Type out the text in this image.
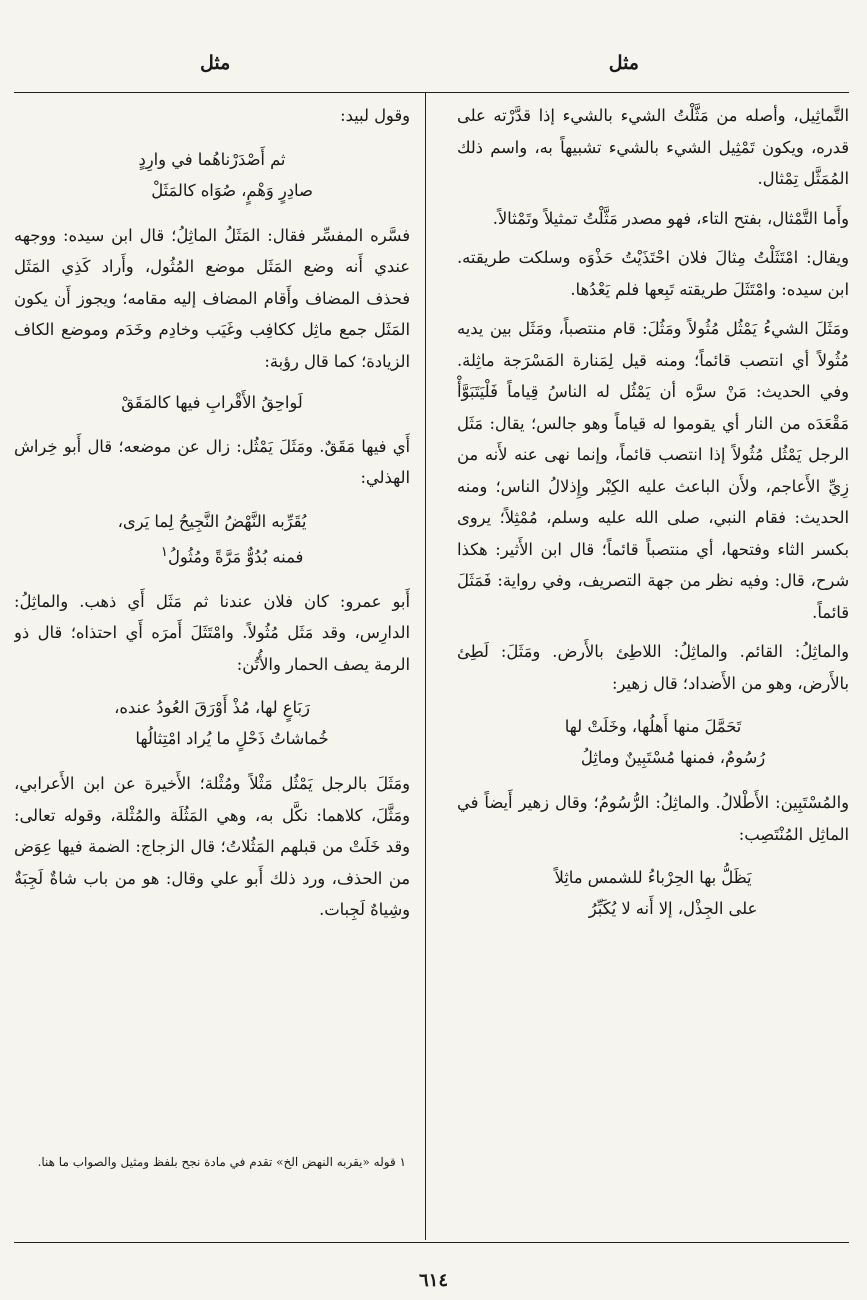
مثل
مثل

التَّماثِيل، وأصله من مَثَّلْتُ الشيء بالشيء إذا قدَّرْته على قدره، ويكون تَمْثِيل الشيء بالشيء تشبيهاً به، واسم ذلك المُمَثَّل تِمْثال.

وأَما التَّمْثال، بفتح التاء، فهو مصدر مَثَّلْتُ تمثيلاً وتَمْثالاً.

ويقال: امْتَثَلْتُ مِثالَ فلان احْتَذَيْتُ حَذْوَه وسلكت طريقته. ابن سيده: وامْتَثَلَ طريقته تَبِعها فلم يَعْدُها.

ومَثَلَ الشيءُ يَمْثُل مُثُولاً ومَثُلَ: قام منتصباً، ومَثَل بين يديه مُثُولاً أي انتصب قائماً؛ ومنه قيل لِمَنارة المَسْرَجة ماثِلة. وفي الحديث: مَنْ سرَّه أن يَمْثُل له الناسُ قِياماً فَلْيَتَبَوَّأْ مَقْعَدَه من النار أي يقوموا له قياماً وهو جالس؛ يقال: مَثَل الرجل يَمْثُل مُثُولاً إذا انتصب قائماً، وإنما نهى عنه لأَنه من زِيِّ الأَعاجم، ولأَن الباعث عليه الكِبْر وإِذلالُ الناس؛ ومنه الحديث: فقام النبي، صلى الله عليه وسلم، مُمْثِلاً؛ يروى بكسر الثاء وفتحها، أي منتصباً قائماً؛ قال ابن الأَثير: هكذا شرح، قال: وفيه نظر من جهة التصريف، وفي رواية: فَمَثَلَ قائماً.

والماثِلُ: القائم. والماثِلُ: اللاطِئ بالأَرض. ومَثَلَ: لَطِئ بالأَرض، وهو من الأَضداد؛ قال زهير:

تَحَمَّلَ منها أَهلُها، وخَلَتْ لها
رُسُومٌ، فمنها مُسْتَبِينٌ وماثِلُ

والمُسْتَبِين: الأَطْلالُ. والماثِلُ: الرُّسُومُ؛ وقال زهير أَيضاً في الماثِل المُنْتَصِب:

يَظَلُّ بها الحِرْباءُ للشمس ماثِلاً
على الجِذْل، إلا أَنه لا يُكَبِّرُ

وقول لبيد:

ثم أَصْدَرْناهُما في وارِدٍ
صادِرٍ وَهْمٍ، صُوَاه كالمَثَلْ

فسَّره المفسِّر فقال: المَثَلُ الماثِلُ؛ قال ابن سيده: ووجهه عندي أَنه وضع المَثَل موضع المُثُول، وأَراد كَذِي المَثَل فحذف المضاف وأَقام المضاف إليه مقامه؛ ويجوز أَن يكون المَثَل جمع ماثِل ككافِب وغَيَب وخادِم وخَدَم وموضع الكاف الزيادة؛ كما قال رؤبة:

لَواحِقُ الأَقْرابِ فيها كالمَقَقْ

أَي فيها مَقَقٌ. ومَثَلَ يَمْثُل: زال عن موضعه؛ قال أَبو خِراش الهذلي:

يُقَرِّبه النَّهْضُ النَّجِيحُ لِما يَرى،
فمنه بُدُوٌّ مَرَّةً ومُثُولُ$^١$

أَبو عمرو: كان فلان عندنا ثم مَثَل أَي ذهب. والماثِلُ: الدارِس، وقد مَثَل مُثُولاً. وامْتَثَلَ أَمرَه أَي احتذاه؛ قال ذو الرمة يصف الحمار والأُتُن:

رَبَاعٍ لها، مُذْ أَوْرَقَ العُودُ عنده،
خُماشاتُ ذَحْلٍ ما يُراد امْتِثالُها

ومَثَلَ بالرجل يَمْثُل مَثْلاً ومُثْلة؛ الأَخيرة عن ابن الأَعرابي، ومَثَّلَ، كلاهما: نكَّل به، وهي المَثُلَة والمُثْلة، وقوله تعالى: وقد خَلَتْ من قبلهم المَثُلاتُ؛ قال الزجاج: الضمة فيها عِوَض من الحذف، ورد ذلك أَبو علي وقال: هو من باب شاةٌ لَجِبَةٌ وشِياهٌ لَجِبات.

١ قوله «يقربه النهض الخ» تقدم في مادة نجح بلفظ ومثيل والصواب ما هنا.

٦١٤
